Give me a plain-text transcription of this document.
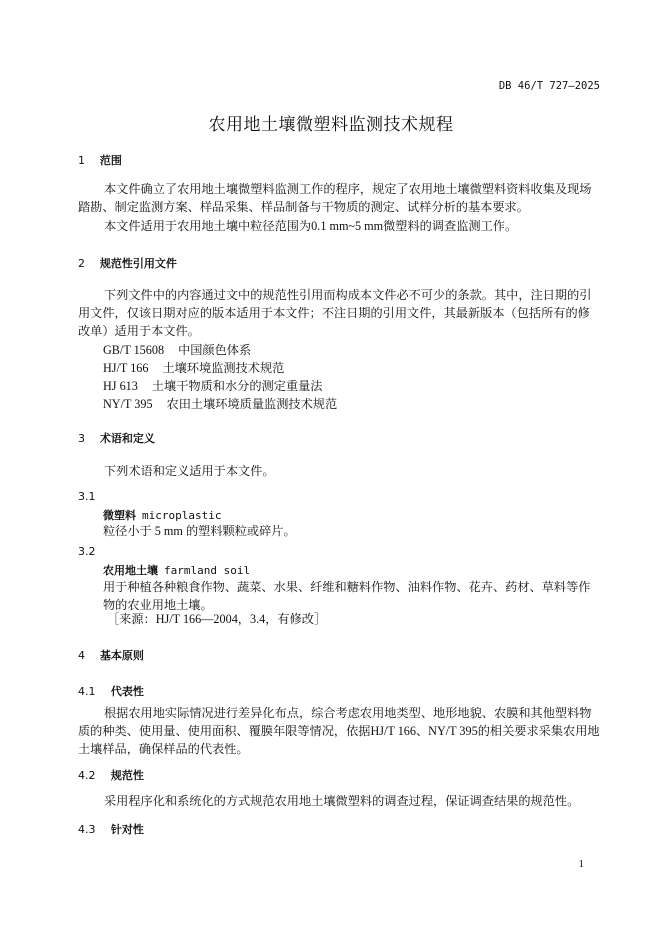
DB 46/T 727—2025
农用地土壤微塑料监测技术规程
1 范围
本文件确立了农用地土壤微塑料监测工作的程序，规定了农用地土壤微塑料资料收集及现场踏勘、制定监测方案、样品采集、样品制备与干物质的测定、试样分析的基本要求。
本文件适用于农用地土壤中粒径范围为0.1 mm~5 mm微塑料的调查监测工作。
2 规范性引用文件
下列文件中的内容通过文中的规范性引用而构成本文件必不可少的条款。其中，注日期的引用文件，仅该日期对应的版本适用于本文件；不注日期的引用文件，其最新版本（包括所有的修改单）适用于本文件。
GB/T 15608 中国颜色体系
HJ/T 166 土壤环境监测技术规范
HJ 613 土壤干物质和水分的测定重量法
NY/T 395 农田土壤环境质量监测技术规范
3 术语和定义
下列术语和定义适用于本文件。
3.1
微塑料 microplastic
粒径小于 5 mm 的塑料颗粒或碎片。
3.2
农用地土壤 farmland soil
用于种植各种粮食作物、蔬菜、水果、纤维和糖料作物、油料作物、花卉、药材、草料等作物的农业用地土壤。
［来源：HJ/T 166—2004，3.4，有修改］
4 基本原则
4.1 代表性
根据农用地实际情况进行差异化布点，综合考虑农用地类型、地形地貌、农膜和其他塑料物质的种类、使用量、使用面积、覆膜年限等情况，依据HJ/T 166、NY/T 395的相关要求采集农用地土壤样品，确保样品的代表性。
4.2 规范性
采用程序化和系统化的方式规范农用地土壤微塑料的调查过程，保证调查结果的规范性。
4.3 针对性
1
